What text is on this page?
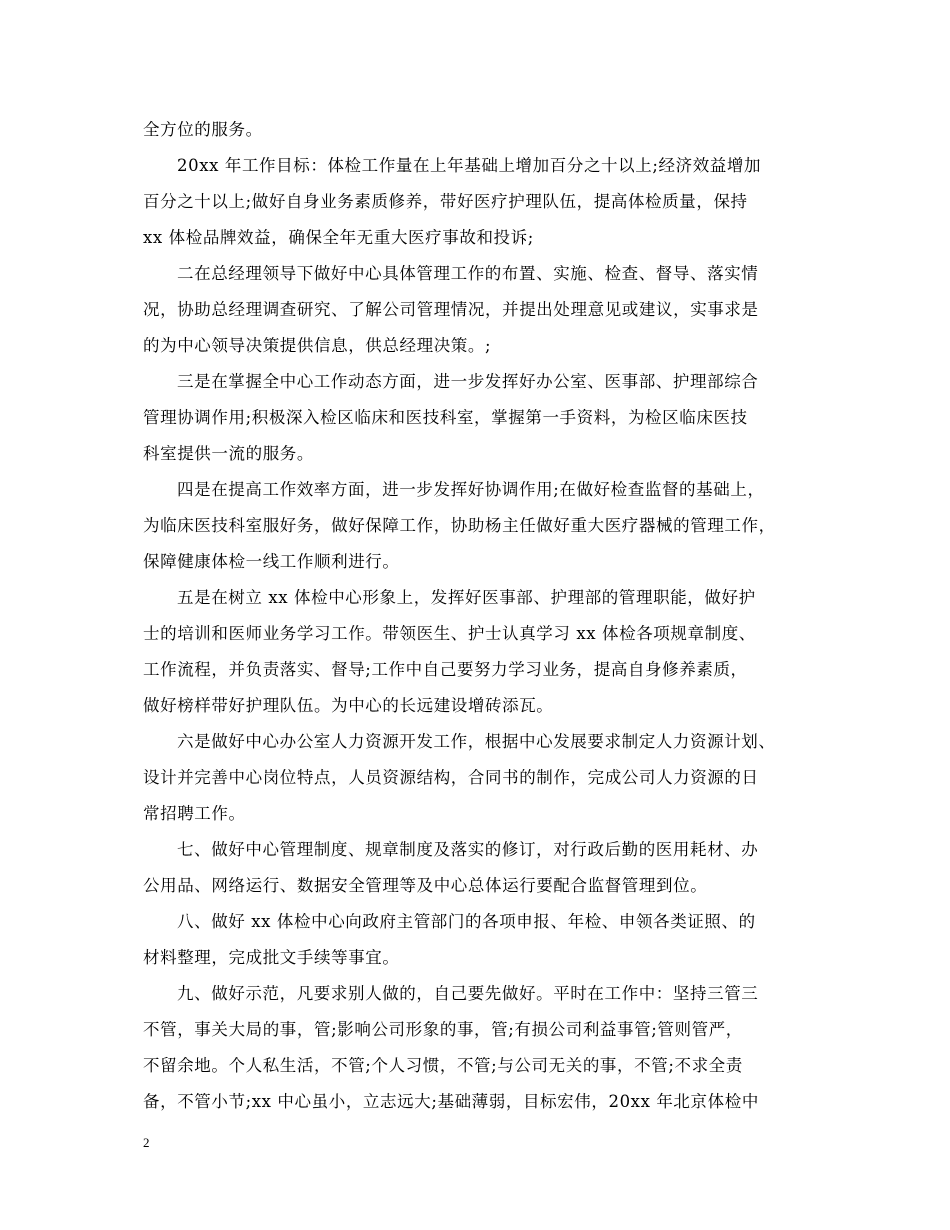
全方位的服务。
20xx 年工作目标：体检工作量在上年基础上增加百分之十以上;经济效益增加
百分之十以上;做好自身业务素质修养，带好医疗护理队伍，提高体检质量，保持
xx 体检品牌效益，确保全年无重大医疗事故和投诉;
二在总经理领导下做好中心具体管理工作的布置、实施、检查、督导、落实情
况，协助总经理调查研究、了解公司管理情况，并提出处理意见或建议，实事求是
的为中心领导决策提供信息，供总经理决策。;
三是在掌握全中心工作动态方面，进一步发挥好办公室、医事部、护理部综合
管理协调作用;积极深入检区临床和医技科室，掌握第一手资料，为检区临床医技
科室提供一流的服务。
四是在提高工作效率方面，进一步发挥好协调作用;在做好检查监督的基础上，
为临床医技科室服好务，做好保障工作，协助杨主任做好重大医疗器械的管理工作，
保障健康体检一线工作顺利进行。
五是在树立 xx 体检中心形象上，发挥好医事部、护理部的管理职能，做好护
士的培训和医师业务学习工作。带领医生、护士认真学习 xx 体检各项规章制度、
工作流程，并负责落实、督导;工作中自己要努力学习业务，提高自身修养素质，
做好榜样带好护理队伍。为中心的长远建设增砖添瓦。
六是做好中心办公室人力资源开发工作，根据中心发展要求制定人力资源计划、
设计并完善中心岗位特点，人员资源结构，合同书的制作，完成公司人力资源的日
常招聘工作。
七、做好中心管理制度、规章制度及落实的修订，对行政后勤的医用耗材、办
公用品、网络运行、数据安全管理等及中心总体运行要配合监督管理到位。
八、做好 xx 体检中心向政府主管部门的各项申报、年检、申领各类证照、的
材料整理，完成批文手续等事宜。
九、做好示范，凡要求别人做的，自己要先做好。平时在工作中：坚持三管三
不管，事关大局的事，管;影响公司形象的事，管;有损公司利益事管;管则管严，
不留余地。个人私生活，不管;个人习惯，不管;与公司无关的事，不管;不求全责
备，不管小节;xx 中心虽小，立志远大;基础薄弱，目标宏伟，20xx 年北京体检中
2
